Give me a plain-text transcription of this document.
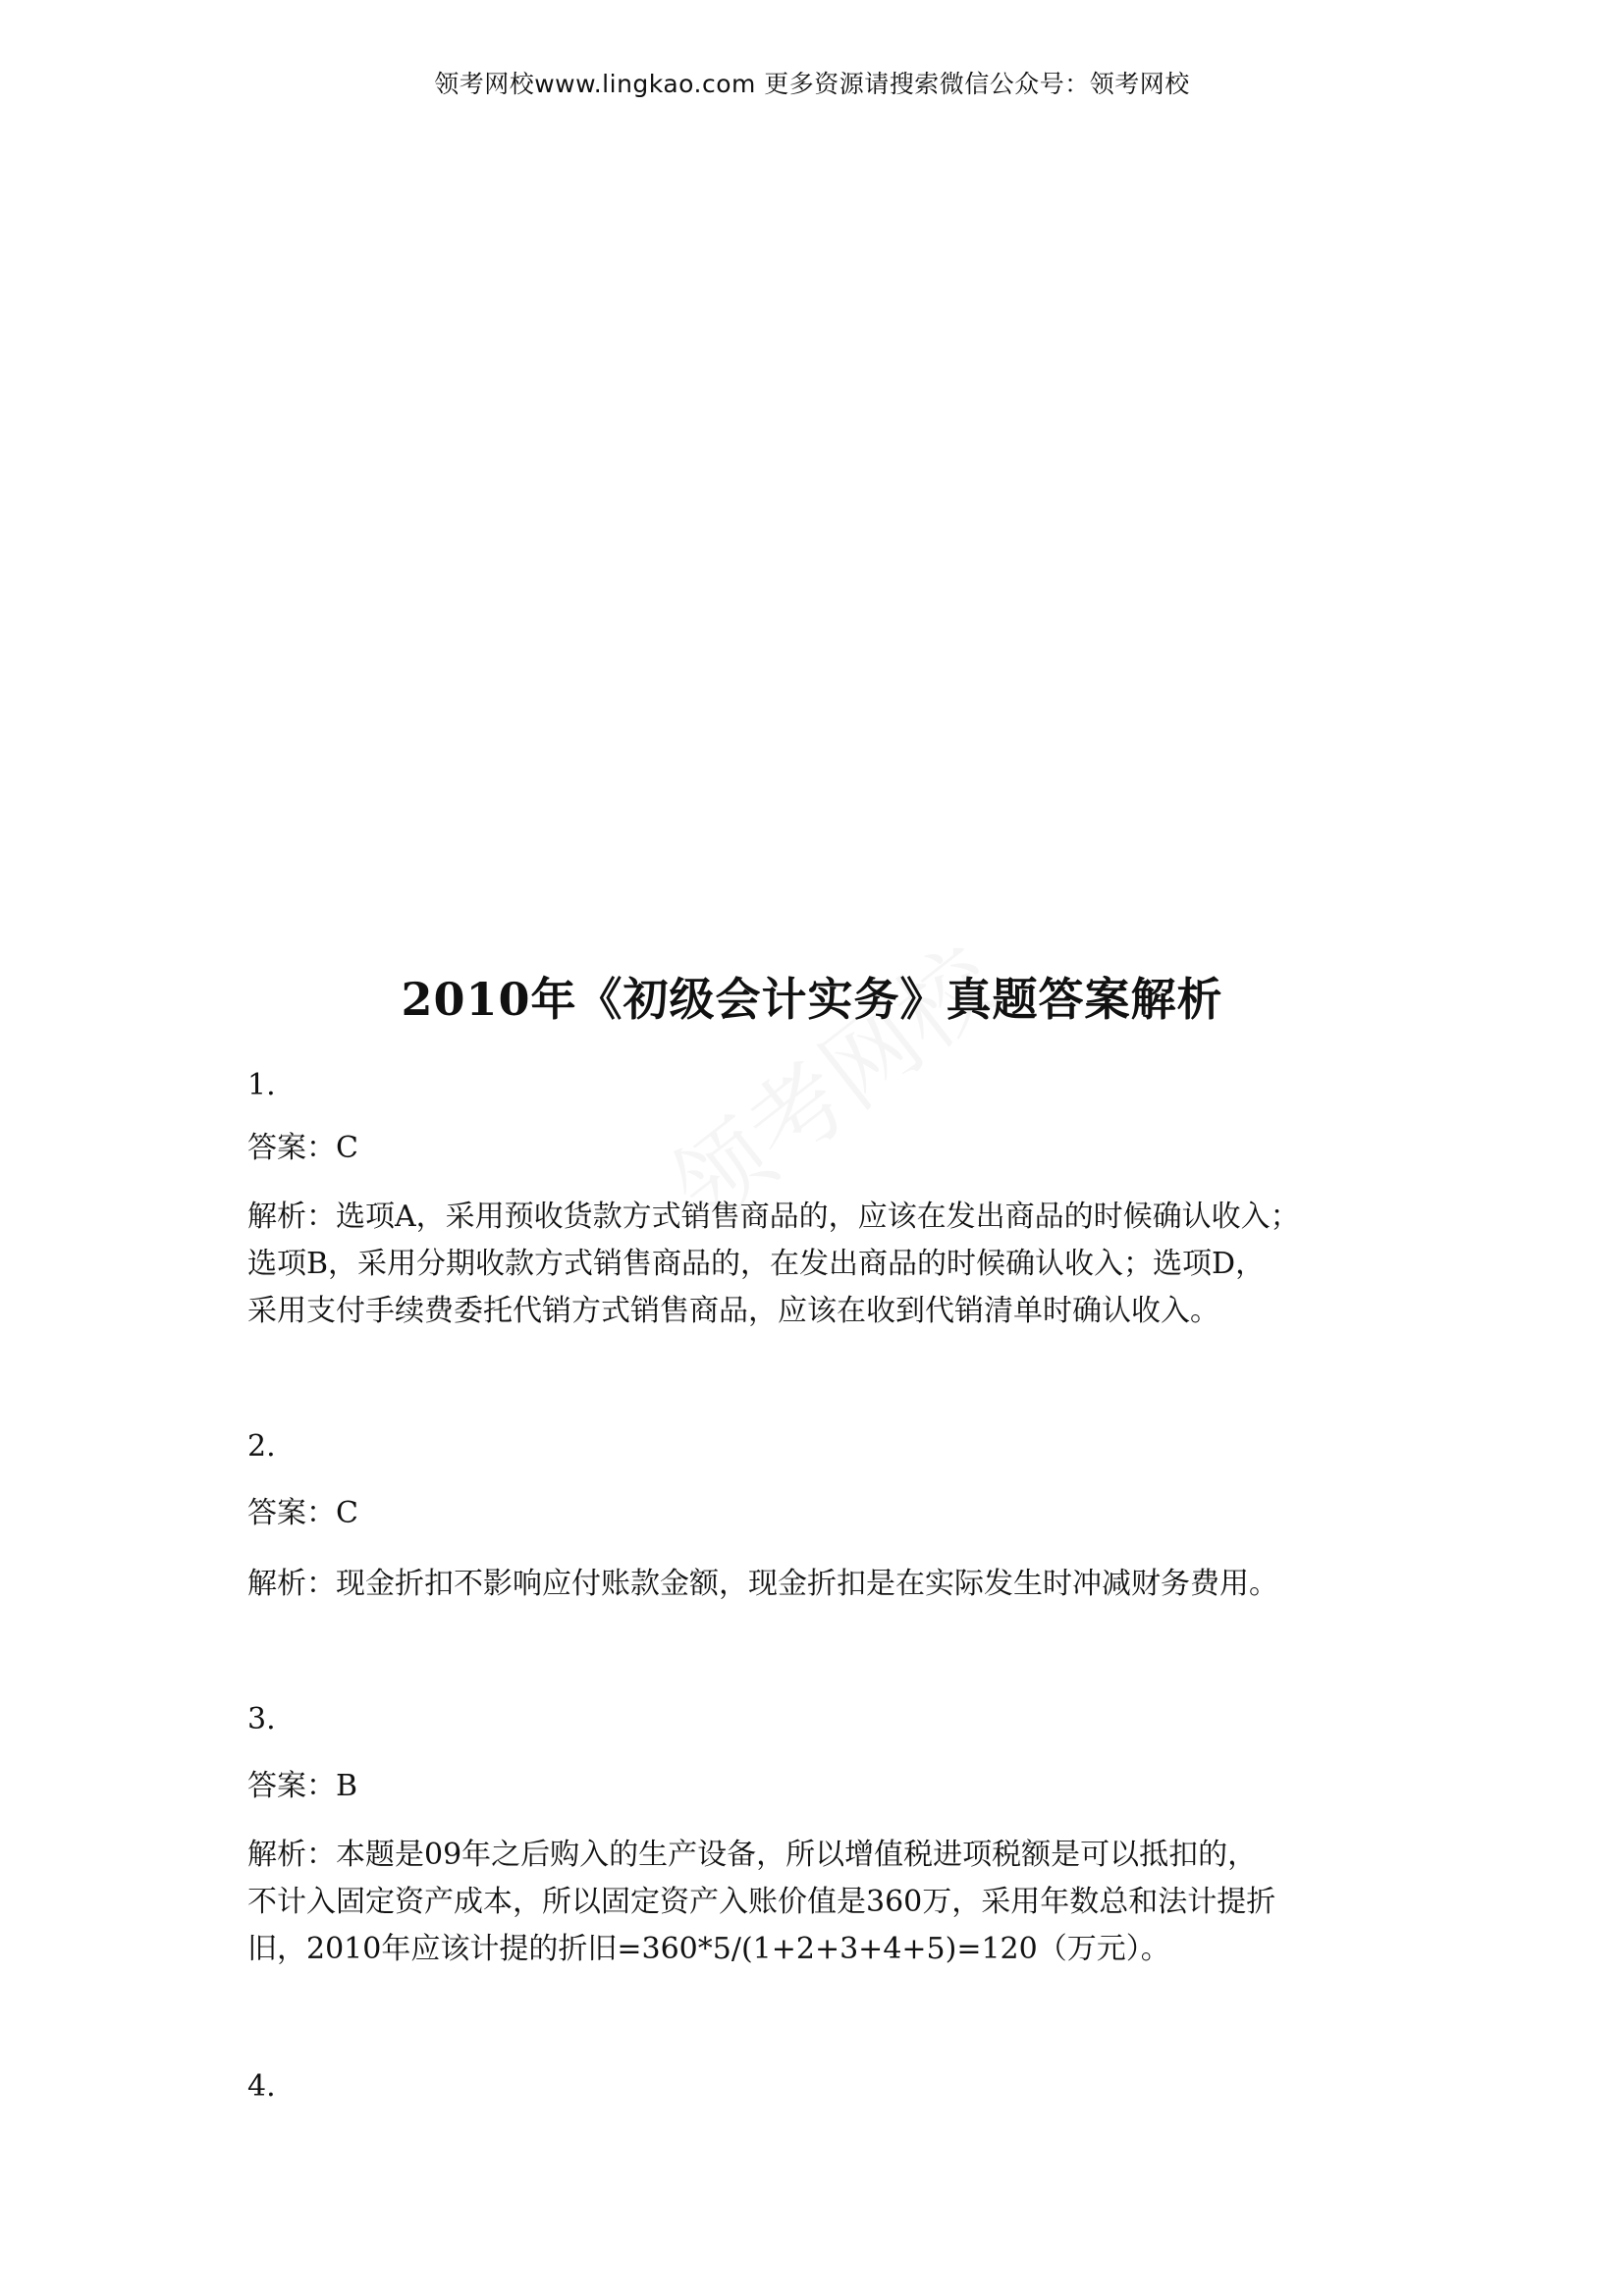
领考网校www.lingkao.com 更多资源请搜索微信公众号：领考网校
2010年《初级会计实务》真题答案解析
1.
答案：C
解析：选项A，采用预收货款方式销售商品的，应该在发出商品的时候确认收入；
选项B，采用分期收款方式销售商品的，在发出商品的时候确认收入；选项D，
采用支付手续费委托代销方式销售商品，应该在收到代销清单时确认收入。
2.
答案：C
解析：现金折扣不影响应付账款金额，现金折扣是在实际发生时冲减财务费用。
3.
答案：B
解析：本题是09年之后购入的生产设备，所以增值税进项税额是可以抵扣的，
不计入固定资产成本，所以固定资产入账价值是360万，采用年数总和法计提折
旧，2010年应该计提的折旧=360*5/(1+2+3+4+5)=120（万元）。
4.
